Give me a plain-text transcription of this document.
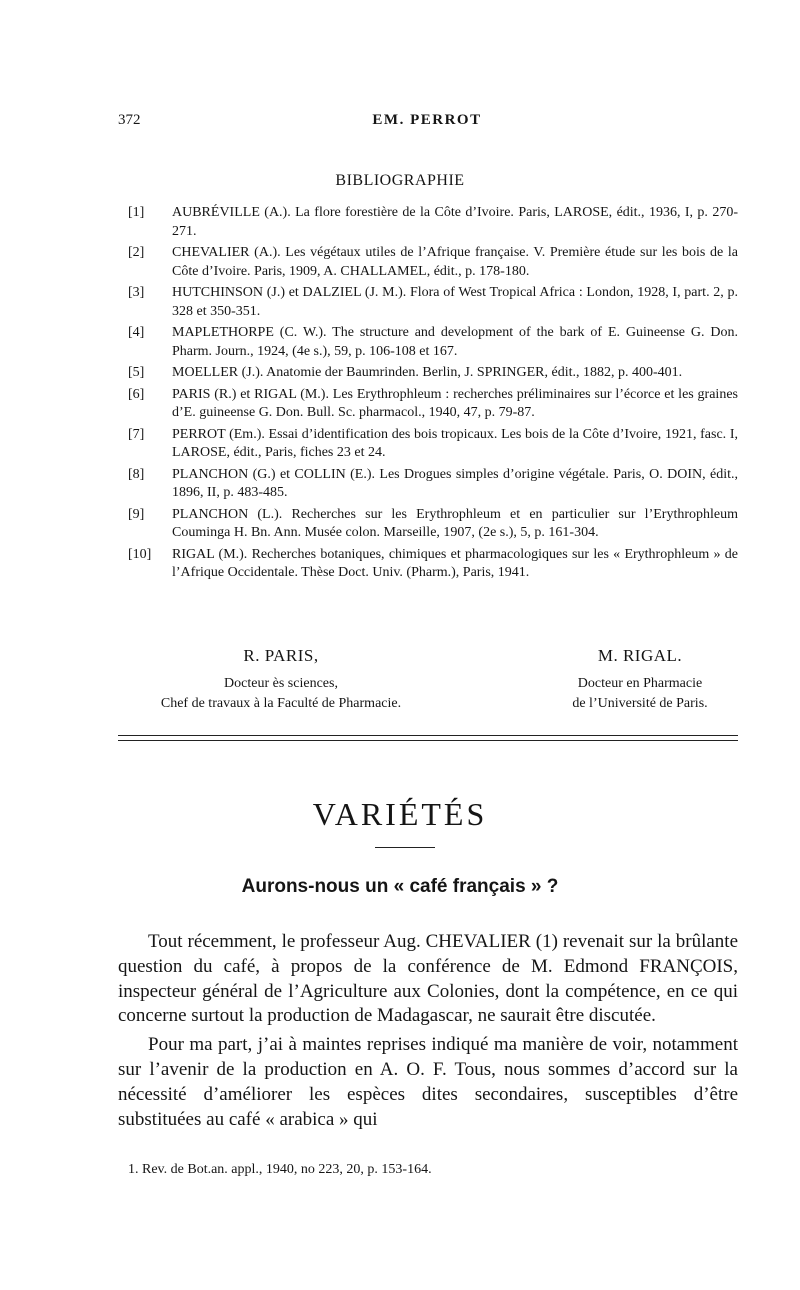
372	EM. PERROT
BIBLIOGRAPHIE
[1] AUBRÉVILLE (A.). La flore forestière de la Côte d’Ivoire. Paris, LAROSE, édit., 1936, I, p. 270-271.
[2] CHEVALIER (A.). Les végétaux utiles de l’Afrique française. V. Première étude sur les bois de la Côte d’Ivoire. Paris, 1909, A. CHALLAMEL, édit., p. 178-180.
[3] HUTCHINSON (J.) et DALZIEL (J. M.). Flora of West Tropical Africa : London, 1928, I, part. 2, p. 328 et 350-351.
[4] MAPLETHORPE (C. W.). The structure and development of the bark of E. Guineense G. Don. Pharm. Journ., 1924, (4e s.), 59, p. 106-108 et 167.
[5] MOELLER (J.). Anatomie der Baumrinden. Berlin, J. SPRINGER, édit., 1882, p. 400-401.
[6] PARIS (R.) et RIGAL (M.). Les Erythrophleum : recherches préliminaires sur l’écorce et les graines d’E. guineense G. Don. Bull. Sc. pharmacol., 1940, 47, p. 79-87.
[7] PERROT (Em.). Essai d’identification des bois tropicaux. Les bois de la Côte d’Ivoire, 1921, fasc. I, LAROSE, édit., Paris, fiches 23 et 24.
[8] PLANCHON (G.) et COLLIN (E.). Les Drogues simples d’origine végétale. Paris, O. DOIN, édit., 1896, II, p. 483-485.
[9] PLANCHON (L.). Recherches sur les Erythrophleum et en particulier sur l’Erythrophleum Couminga H. Bn. Ann. Musée colon. Marseille, 1907, (2e s.), 5, p. 161-304.
[10] RIGAL (M.). Recherches botaniques, chimiques et pharmacologiques sur les « Erythrophleum » de l’Afrique Occidentale. Thèse Doct. Univ. (Pharm.), Paris, 1941.
R. PARIS,
Docteur ès sciences,
Chef de travaux à la Faculté de Pharmacie.
M. RIGAL.
Docteur en Pharmacie
de l’Université de Paris.
VARIÉTÉS
Aurons-nous un « café français » ?

Tout récemment, le professeur Aug. CHEVALIER (1) revenait sur la brûlante question du café, à propos de la conférence de M. Edmond FRANÇOIS, inspecteur général de l’Agriculture aux Colonies, dont la compétence, en ce qui concerne surtout la production de Madagascar, ne saurait être discutée.

Pour ma part, j’ai à maintes reprises indiqué ma manière de voir, notamment sur l’avenir de la production en A. O. F. Tous, nous sommes d’accord sur la nécessité d’améliorer les espèces dites secondaires, susceptibles d’être substituées au café « arabica » qui

1. Rev. de Bot.an. appl., 1940, no 223, 20, p. 153-164.
